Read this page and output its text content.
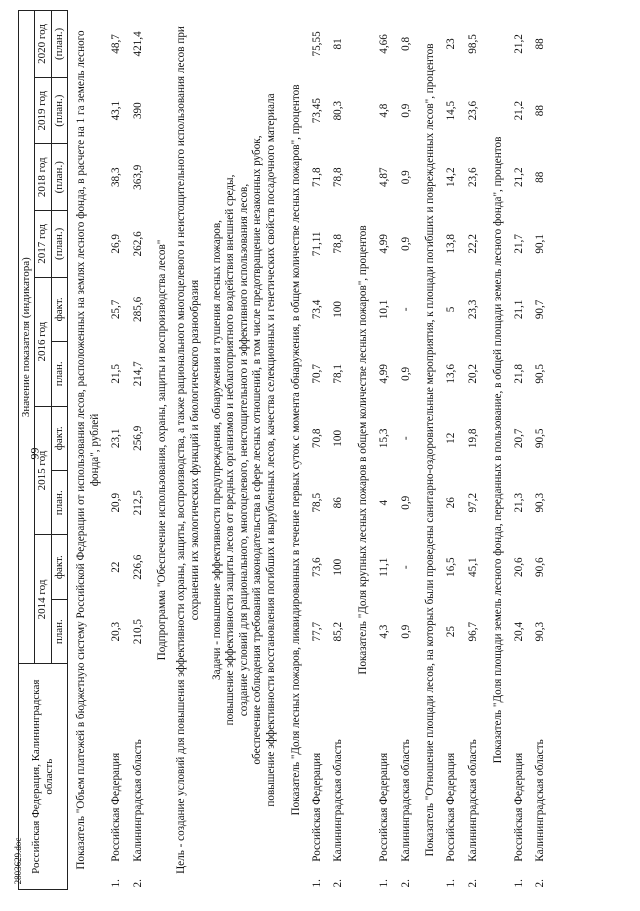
99
2803629.doc Российская Федерация, Калининградская область		Значение показателя (индикатора)									
		2014 год		2015 год		2016 год		2017 год	2018 год	2019 год	2020 год
		план.	факт.	план.	факт.	план.	факт.	(план.)	(план.)	(план.)	(план.)
Показатель "Объем платежей в бюджетную систему Российской Федерации от использования лесов, расположенных на землях лесного фонда, в расчете на 1 га земель лесного фонда", рублей											
1.	Российская Федерация	20,3	22	20,9	23,1	21,5	25,7	26,9	38,3	43,1	48,7
2.	Калининградская область	210,5	226,6	212,5	256,9	214,7	285,6	262,6	363,9	390	421,4
Подпрограмма "Обеспечение использования, охраны, защиты и воспроизводства лесов"											
Цель - создание условий для повышения эффективности охраны, защиты, воспроизводства, а также рационального многоцелевого и неистощительного использования лесов при сохранении их экологических функций и биологического разнообразия											

Задачи - повышение эффективности предупреждения, обнаружения и тушения лесных пожаров, повышение эффективности защиты лесов от вредных организмов и неблагоприятного воздействия внешней среды, создание условий для рационального, многоцелевого, неистощительного и эффективного использования лесов, обеспечение соблюдения требований законодательства в сфере лесных отношений, в том числе предотвращение незаконных рубок, повышение эффективности восстановления погибших и вырубленных лесов, качества селекционных и генетических свойств посадочного материала											

Показатель "Доля лесных пожаров, ликвидированных в течение первых суток с момента обнаружения, в общем количестве лесных пожаров", процентов											
1.	Российская Федерация	77,7	73,6	78,5	70,8	70,7	73,4	71,11	71,8	73,45	75,55
2.	Калининградская область	85,2	100	86	100	78,1	100	78,8	78,8	80,3	81
Показатель "Доля крупных лесных пожаров в общем количестве лесных пожаров", процентов											
1.	Российская Федерация	4,3	11,1	4	15,3	4,99	10,1	4,99	4,87	4,8	4,66
2.	Калининградская область	0,9	-	0,9	-	0,9	-	0,9	0,9	0,9	0,8
Показатель "Отношение площади лесов, на которых были проведены санитарно-оздоровительные мероприятия, к площади погибших и поврежденных лесов", процентов											
1.	Российская Федерация	25	16,5	26	12	13,6	5	13,8	14,2	14,5	23
2.	Калининградская область	96,7	45,1	97,2	19,8	20,2	23,3	22,2	23,6	23,6	98,5
Показатель "Доля площади земель лесного фонда, переданных в пользование, в общей площади земель лесного фонда", процентов											
1.	Российская Федерация	20,4	20,6	21,3	20,7	21,8	21,1	21,7	21,2	21,2	21,2
2.	Калининградская область	90,3	90,6	90,3	90,5	90,5	90,7	90,1	88	88	88
